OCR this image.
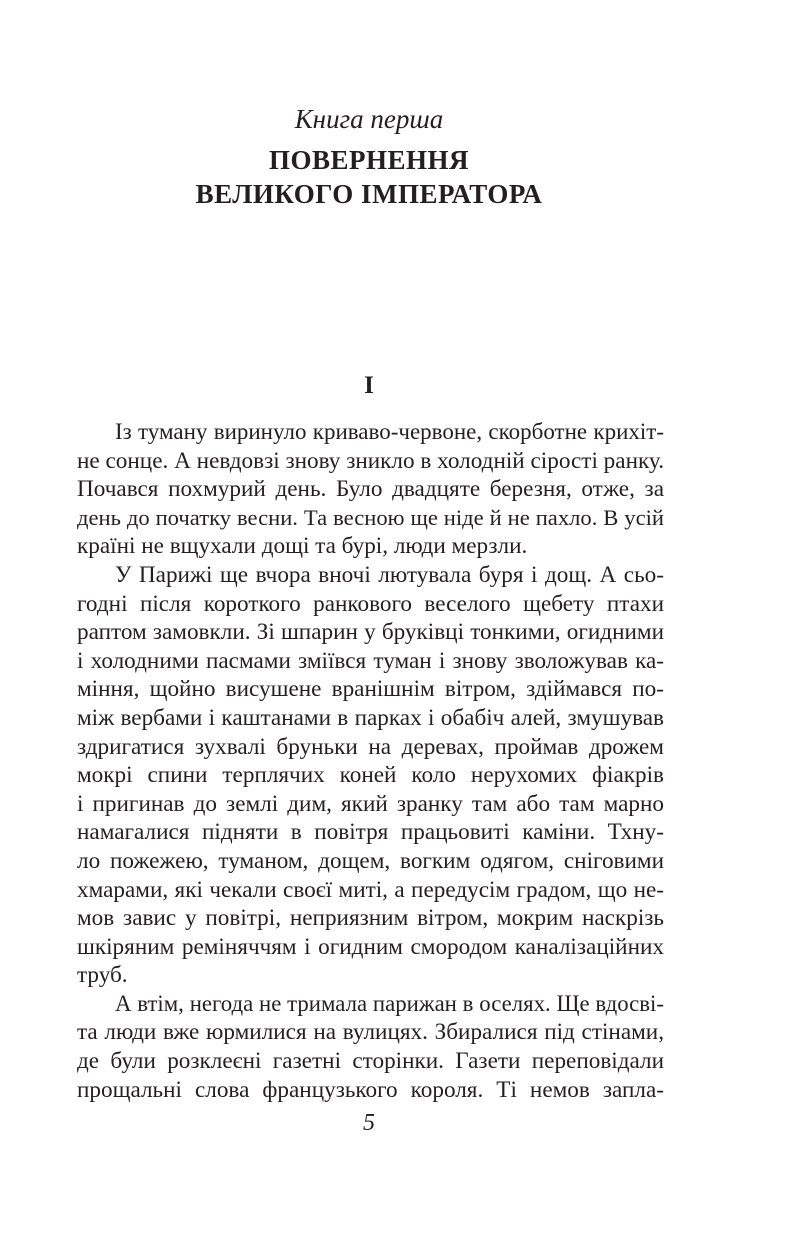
Книга перша
ПОВЕРНЕННЯ
ВЕЛИКОГО ІМПЕРАТОРА
I
Із туману виринуло криваво-червоне, скорботне крихіт-
не сонце. А невдовзі знову зникло в холодній сірості ранку.
Почався похмурий день. Було двадцяте березня, отже, за
день до початку весни. Та весною ще ніде й не пахло. В усій
країні не вщухали дощі та бурі, люди мерзли.
У Парижі ще вчора вночі лютувала буря і дощ. А сьо-
годні після короткого ранкового веселого щебету птахи
раптом замовкли. Зі шпарин у бруківці тонкими, огидними
і холодними пасмами зміївся туман і знову зволожував ка-
міння, щойно висушене вранішнім вітром, здіймався по-
між вербами і каштанами в парках і обабіч алей, змушував
здригатися зухвалі бруньки на деревах, проймав дрожем
мокрі спини терплячих коней коло нерухомих фіакрів
і пригинав до землі дим, який зранку там або там марно
намагалися підняти в повітря працьовиті каміни. Тхну-
ло пожежею, туманом, дощем, вогким одягом, сніговими
хмарами, які чекали своєї миті, а передусім градом, що не-
мов завис у повітрі, неприязним вітром, мокрим наскрізь
шкіряним реміняччям і огидним смородом каналізаційних
труб.
А втім, негода не тримала парижан в оселях. Ще вдосві-
та люди вже юрмилися на вулицях. Збиралися під стінами,
де були розклеєні газетні сторінки. Газети переповідали
прощальні слова французького короля. Ті немов запла-
5
